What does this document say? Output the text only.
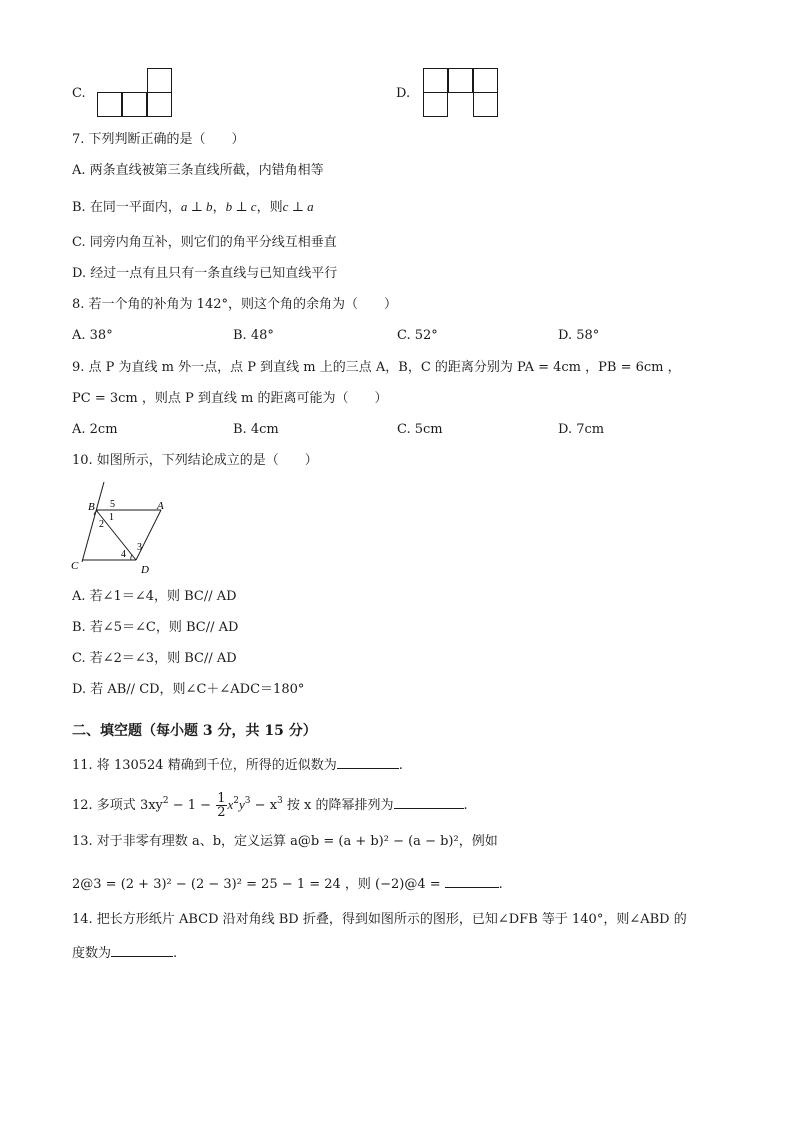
C.	D.
7. 下列判断正确的是（　　）
A. 两条直线被第三条直线所截，内错角相等
B. 在同一平面内，a ⊥ b，b ⊥ c，则c ⊥ a
C. 同旁内角互补，则它们的角平分线互相垂直
D. 经过一点有且只有一条直线与已知直线平行
8. 若一个角的补角为 142°，则这个角的余角为（　　）
A. 38°	B. 48°	C. 52°	D. 58°
9. 点 P 为直线 m 外一点，点 P 到直线 m 上的三点 A，B，C 的距离分别为 PA = 4cm ，PB = 6cm ，
PC = 3cm ，则点 P 到直线 m 的距离可能为（　　）
A. 2cm	B. 4cm	C. 5cm	D. 7cm
10. 如图所示，下列结论成立的是（　　）
B	A
C	D
5
1
2
3
4
A. 若∠1＝∠4，则 BC// AD
B. 若∠5＝∠C，则 BC// AD
C. 若∠2＝∠3，则 BC// AD
D. 若 AB// CD，则∠C＋∠ADC＝180°
二、填空题（每小题 3 分，共 15 分）
11. 将 130524 精确到千位，所得的近似数为	.
12. 多项式 $3xy^2 - 1 - \frac{1}{2} x^2y^3 - x^3$ 按 x 的降幂排列为	.
13. 对于非零有理数 a、b，定义运算 a@b = (a + b)² − (a − b)²，例如
2@3 = (2 + 3)² − (2 − 3)² = 25 − 1 = 24 ，则 (−2)@4 =	.
14. 把长方形纸片 ABCD 沿对角线 BD 折叠，得到如图所示的图形，已知∠DFB 等于 140°，则∠ABD 的
度数为	.
